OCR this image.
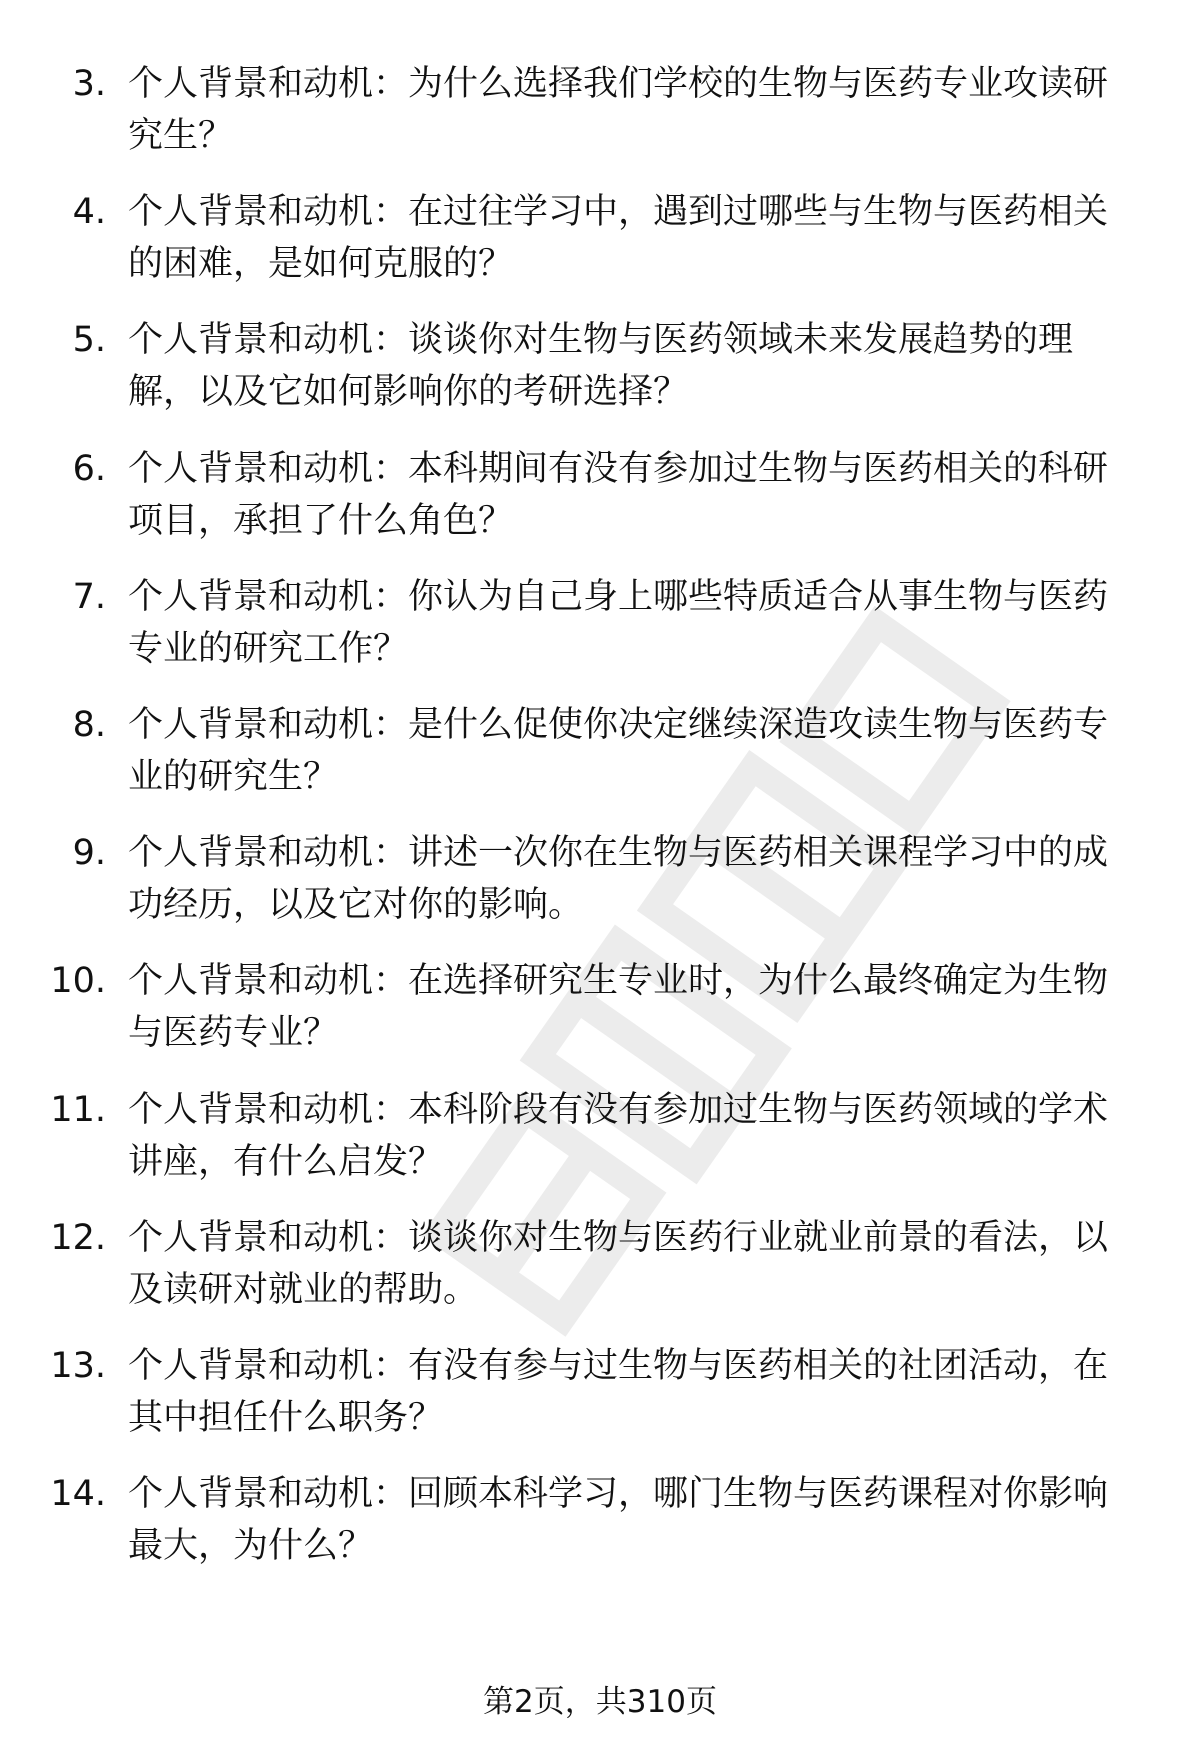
3. 个人背景和动机：为什么选择我们学校的生物与医药专业攻读研究生？
4. 个人背景和动机：在过往学习中，遇到过哪些与生物与医药相关的困难，是如何克服的？
5. 个人背景和动机：谈谈你对生物与医药领域未来发展趋势的理解，以及它如何影响你的考研选择？
6. 个人背景和动机：本科期间有没有参加过生物与医药相关的科研项目，承担了什么角色？
7. 个人背景和动机：你认为自己身上哪些特质适合从事生物与医药专业的研究工作？
8. 个人背景和动机：是什么促使你决定继续深造攻读生物与医药专业的研究生？
9. 个人背景和动机：讲述一次你在生物与医药相关课程学习中的成功经历，以及它对你的影响。
10. 个人背景和动机：在选择研究生专业时，为什么最终确定为生物与医药专业？
11. 个人背景和动机：本科阶段有没有参加过生物与医药领域的学术讲座，有什么启发？
12. 个人背景和动机：谈谈你对生物与医药行业就业前景的看法，以及读研对就业的帮助。
13. 个人背景和动机：有没有参与过生物与医药相关的社团活动，在其中担任什么职务？
14. 个人背景和动机：回顾本科学习，哪门生物与医药课程对你影响最大，为什么？
第2页，共310页
